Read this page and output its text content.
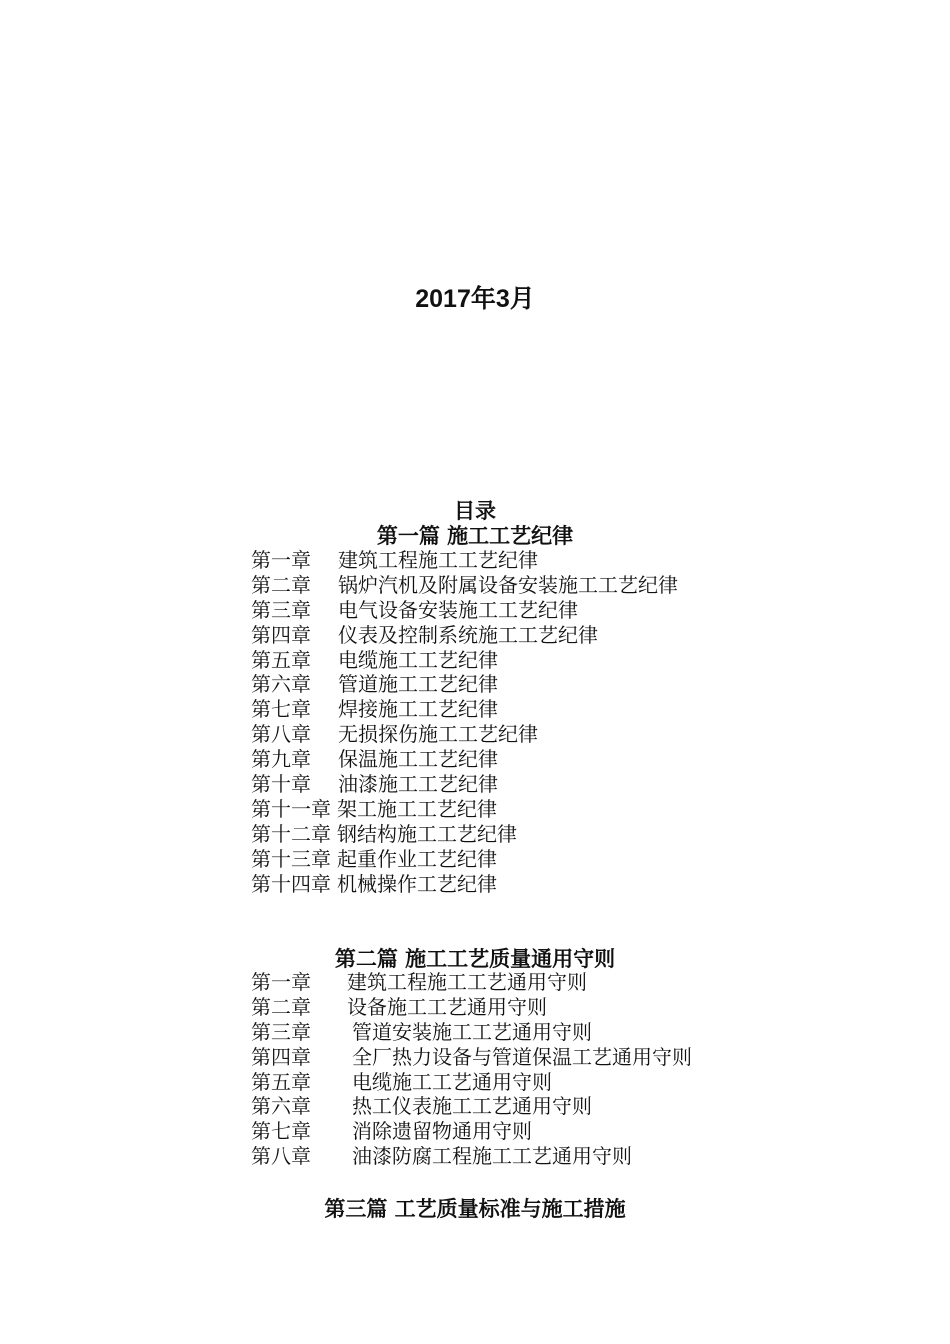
2017年3月
目录
第一篇 施工工艺纪律
第一章 建筑工程施工工艺纪律
第二章 锅炉汽机及附属设备安装施工工艺纪律
第三章 电气设备安装施工工艺纪律
第四章 仪表及控制系统施工工艺纪律
第五章 电缆施工工艺纪律
第六章 管道施工工艺纪律
第七章 焊接施工工艺纪律
第八章 无损探伤施工工艺纪律
第九章 保温施工工艺纪律
第十章 油漆施工工艺纪律
第十一章 架工施工工艺纪律
第十二章 钢结构施工工艺纪律
第十三章 起重作业工艺纪律
第十四章 机械操作工艺纪律
第二篇 施工工艺质量通用守则
第一章 建筑工程施工工艺通用守则
第二章 设备施工工艺通用守则
第三章 管道安装施工工艺通用守则
第四章 全厂热力设备与管道保温工艺通用守则
第五章 电缆施工工艺通用守则
第六章 热工仪表施工工艺通用守则
第七章 消除遗留物通用守则
第八章 油漆防腐工程施工工艺通用守则
第三篇 工艺质量标准与施工措施
